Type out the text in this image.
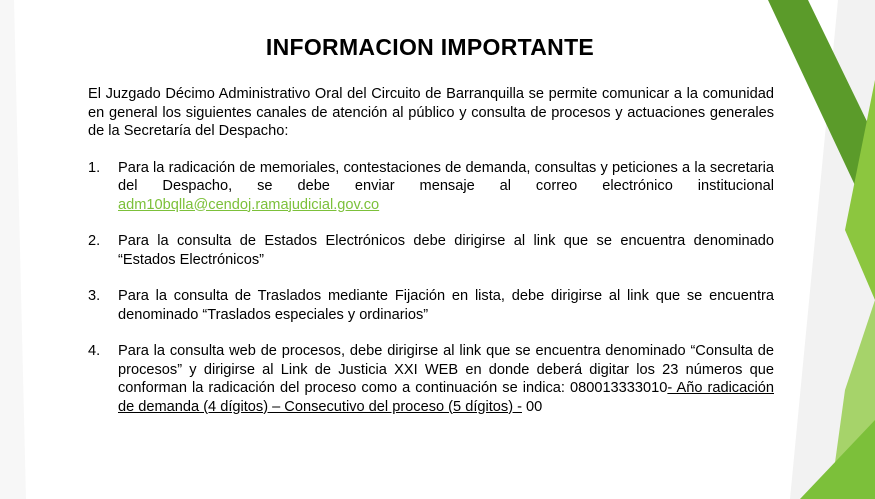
INFORMACION IMPORTANTE

El Juzgado Décimo Administrativo Oral del Circuito de Barranquilla se permite comunicar a la comunidad en general los siguientes canales de atención al público y consulta de procesos y actuaciones generales de la Secretaría del Despacho:

1.	Para la radicación de memoriales, contestaciones de demanda, consultas y peticiones a la secretaria del Despacho, se debe enviar mensaje al correo electrónico institucional adm10bqlla@cendoj.ramajudicial.gov.co
2.	Para la consulta de Estados Electrónicos debe dirigirse al link que se encuentra denominado “Estados Electrónicos”
3.	Para la consulta de Traslados mediante Fijación en lista, debe dirigirse al link que se encuentra denominado “Traslados especiales y ordinarios”
4.	Para la consulta web de procesos, debe dirigirse al link que se encuentra denominado “Consulta de procesos” y dirigirse al Link de Justicia XXI WEB en donde deberá digitar los 23 números que conforman la radicación del proceso como a continuación se indica: 080013333010- Año radicación de demanda (4 dígitos) – Consecutivo del proceso (5 dígitos) - 00
